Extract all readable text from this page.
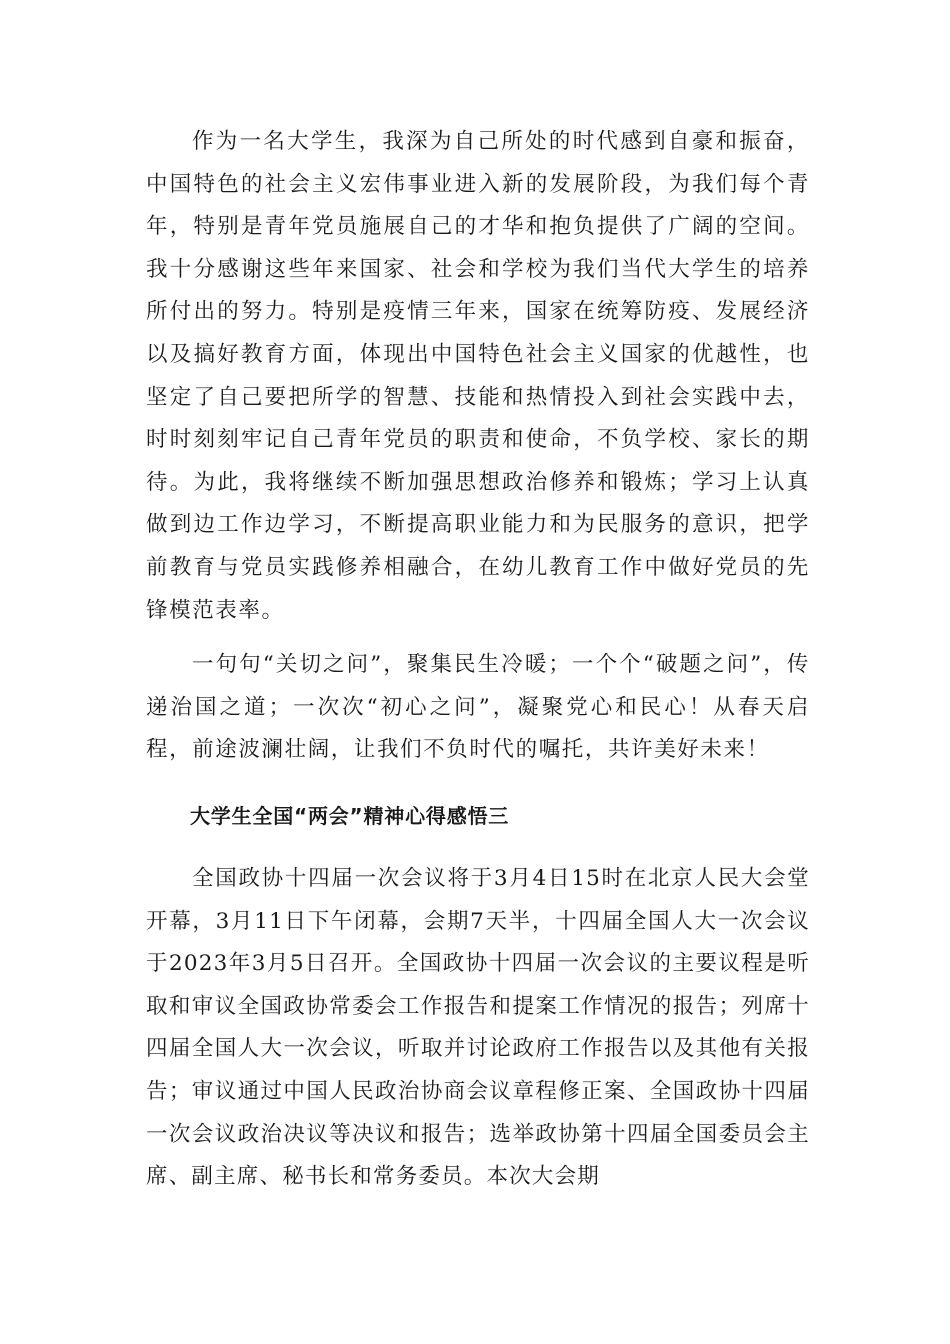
作为一名大学生，我深为自己所处的时代感到自豪和振奋，中国特色的社会主义宏伟事业进入新的发展阶段，为我们每个青年，特别是青年党员施展自己的才华和抱负提供了广阔的空间。我十分感谢这些年来国家、社会和学校为我们当代大学生的培养所付出的努力。特别是疫情三年来，国家在统筹防疫、发展经济以及搞好教育方面，体现出中国特色社会主义国家的优越性，也坚定了自己要把所学的智慧、技能和热情投入到社会实践中去，时时刻刻牢记自己青年党员的职责和使命，不负学校、家长的期待。为此，我将继续不断加强思想政治修养和锻炼；学习上认真做到边工作边学习，不断提高职业能力和为民服务的意识，把学前教育与党员实践修养相融合，在幼儿教育工作中做好党员的先锋模范表率。

一句句“关切之问”，聚集民生冷暖；一个个“破题之问”，传递治国之道；一次次“初心之问”，凝聚党心和民心！从春天启程，前途波澜壮阔，让我们不负时代的嘱托，共许美好未来！

大学生全国“两会”精神心得感悟三

全国政协十四届一次会议将于3月4日15时在北京人民大会堂开幕，3月11日下午闭幕，会期7天半，十四届全国人大一次会议于2023年3月5日召开。全国政协十四届一次会议的主要议程是听取和审议全国政协常委会工作报告和提案工作情况的报告；列席十四届全国人大一次会议，听取并讨论政府工作报告以及其他有关报告；审议通过中国人民政治协商会议章程修正案、全国政协十四届一次会议政治决议等决议和报告；选举政协第十四届全国委员会主席、副主席、秘书长和常务委员。本次大会期
